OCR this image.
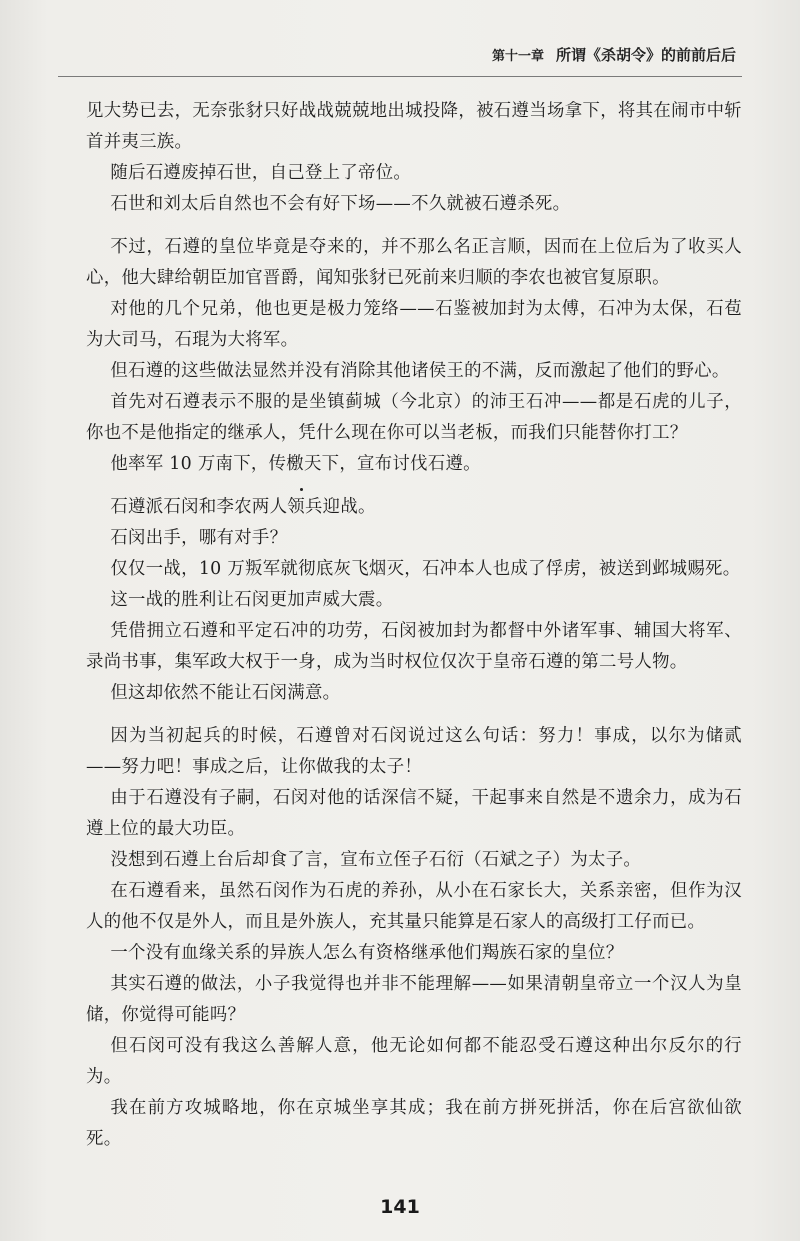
第十一章 所谓《杀胡令》的前前后后

见大势已去，无奈张豺只好战战兢兢地出城投降，被石遵当场拿下，将其在闹市中斩首并夷三族。

随后石遵废掉石世，自己登上了帝位。

石世和刘太后自然也不会有好下场——不久就被石遵杀死。

不过，石遵的皇位毕竟是夺来的，并不那么名正言顺，因而在上位后为了收买人心，他大肆给朝臣加官晋爵，闻知张豺已死前来归顺的李农也被官复原职。

对他的几个兄弟，他也更是极力笼络——石鉴被加封为太傅，石冲为太保，石苞为大司马，石琨为大将军。

但石遵的这些做法显然并没有消除其他诸侯王的不满，反而激起了他们的野心。

首先对石遵表示不服的是坐镇蓟城（今北京）的沛王石冲——都是石虎的儿子，你也不是他指定的继承人，凭什么现在你可以当老板，而我们只能替你打工？

他率军 10 万南下，传檄天下，宣布讨伐石遵。

石遵派石闵和李农两人领兵迎战。

石闵出手，哪有对手？

仅仅一战，10 万叛军就彻底灰飞烟灭，石冲本人也成了俘虏，被送到邺城赐死。

这一战的胜利让石闵更加声威大震。

凭借拥立石遵和平定石冲的功劳，石闵被加封为都督中外诸军事、辅国大将军、录尚书事，集军政大权于一身，成为当时权位仅次于皇帝石遵的第二号人物。

但这却依然不能让石闵满意。

因为当初起兵的时候，石遵曾对石闵说过这么句话：努力！事成，以尔为储贰——努力吧！事成之后，让你做我的太子！

由于石遵没有子嗣，石闵对他的话深信不疑，干起事来自然是不遗余力，成为石遵上位的最大功臣。

没想到石遵上台后却食了言，宣布立侄子石衍（石斌之子）为太子。

在石遵看来，虽然石闵作为石虎的养孙，从小在石家长大，关系亲密，但作为汉人的他不仅是外人，而且是外族人，充其量只能算是石家人的高级打工仔而已。

一个没有血缘关系的异族人怎么有资格继承他们羯族石家的皇位？

其实石遵的做法，小子我觉得也并非不能理解——如果清朝皇帝立一个汉人为皇储，你觉得可能吗？

但石闵可没有我这么善解人意，他无论如何都不能忍受石遵这种出尔反尔的行为。

我在前方攻城略地，你在京城坐享其成；我在前方拼死拼活，你在后宫欲仙欲死。

141
